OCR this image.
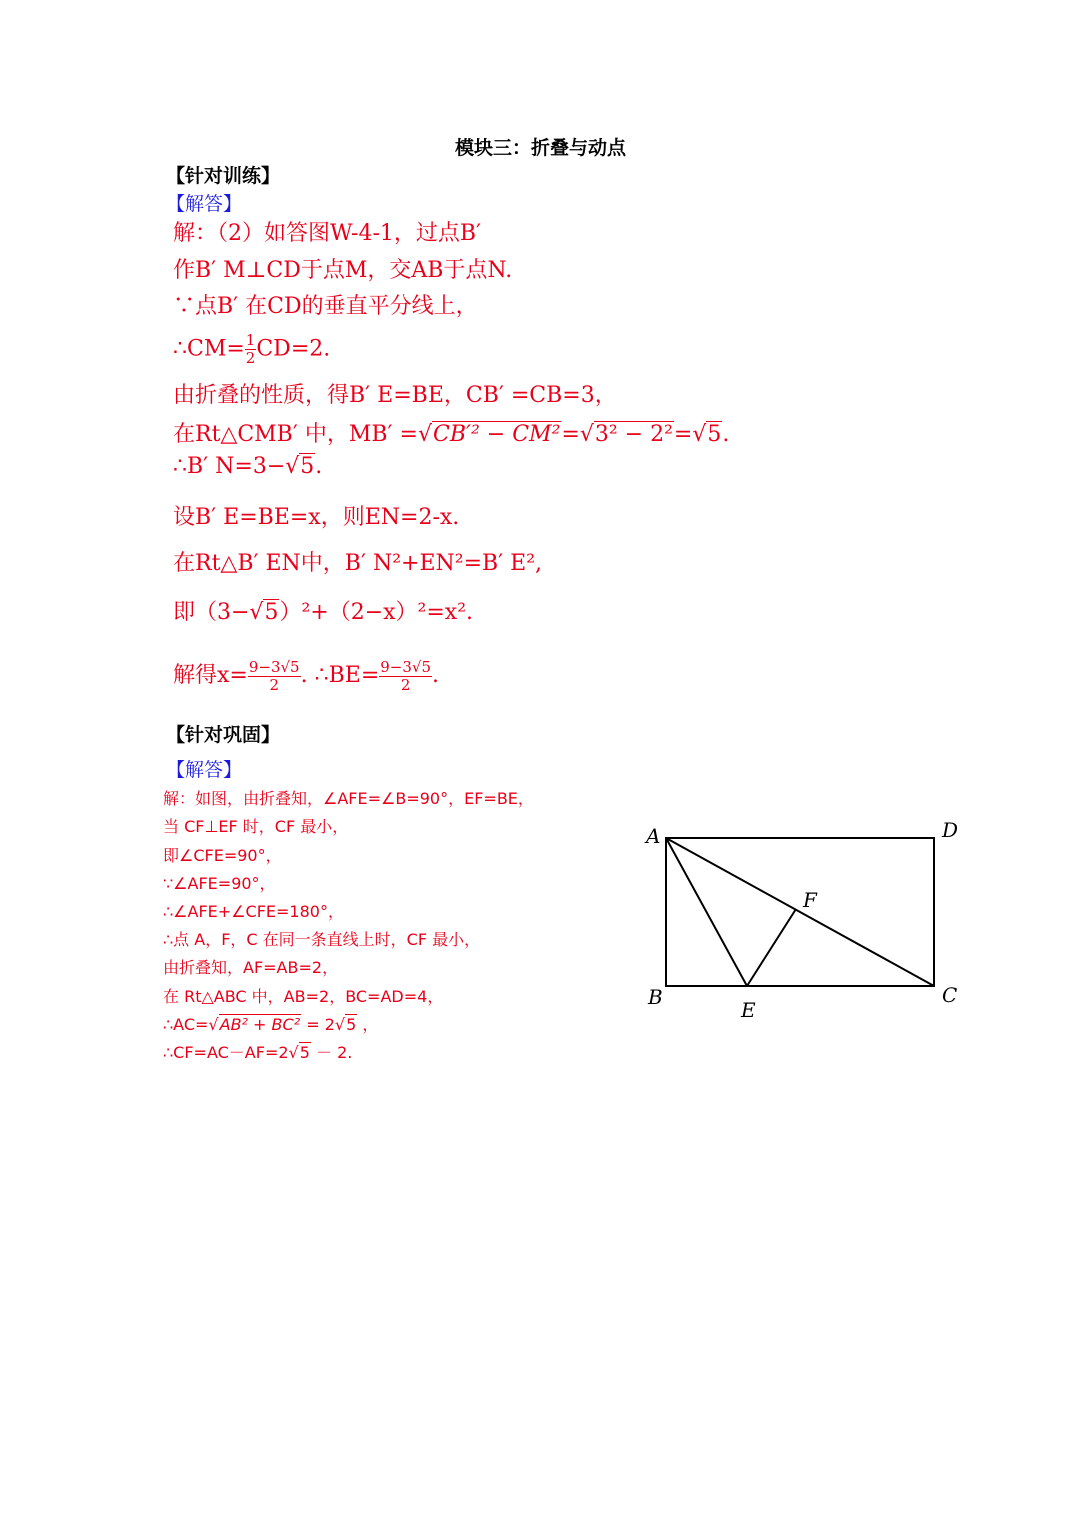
模块三：折叠与动点
【针对训练】
【解答】
解：（2）如答图W-4-1，过点B′
作B′ M⊥CD于点M，交AB于点N.
∵点B′ 在CD的垂直平分线上，
∴CM= $\frac{1}{2} CD=2$.
由折叠的性质，得B′ E=BE，CB′ =CB=3，
在Rt△CMB′ 中，MB′ =√CB′² − CM²=√3² − 2²=√5.
∴B′ N=3−√5.
设B′ E=BE=x，则EN=2-x.
在Rt△B′ EN中，B′ N²+EN²=B′ E²,
即（3−√5）²+（2−x）²=x².
解得$x= \frac{9-3√5}{2}$ . ∴BE= $\frac{9-3√5}{2}$ .
【针对巩固】
【解答】
解：如图，由折叠知，∠AFE=∠B=90°，EF=BE，
当 CF⊥EF 时，CF 最小，
即∠CFE=90°，
∵∠AFE=90°，
∴∠AFE+∠CFE=180°，
∴点 A，F，C 在同一条直线上时，CF 最小，
由折叠知，AF=AB=2，
在 Rt△ABC 中，AB=2，BC=AD=4，
∴AC=√AB² + BC² = 2√5 ，
∴CF=AC－AF=2√5 － 2.
A	D
B	C
E
F
